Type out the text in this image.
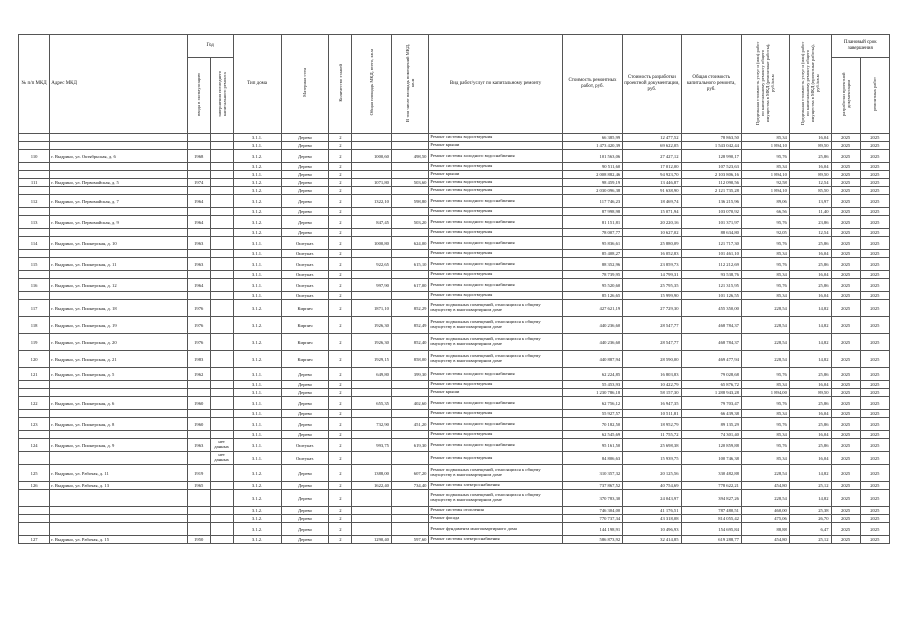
№ п/п МКД	Адрес МКД	Год		Тип дома	Материал стен	Количество этажей	Общая площадь МКД, всего, кв.м	В том числе площадь помещений МКД, кв.м	Вид работ/услуг по капитальному ремонту	Стоимость ремонтных работ, руб.	Стоимость разработки проектной документации, руб.	Общая стоимость капитального ремонта, руб.	Предельная стоимость услуг и (или) работ по капитальному ремонту общего имущества в МКД (ремонтные работы), руб./кв.м	Предельная стоимость услуг и (или) работ по капитальному ремонту общего имущества в МКД (проектные работы), руб./кв.м	Плановый срок завершения	
		ввода в эксплуатацию	завершения последнего капитального ремонта												разработки проектной документации	ремонтных работ
				3.1.1.	Дерево	2			Ремонт системы водоотведения	66 385,99	12 477,52	78 863,50	85,34	16,04	2025	2025
				3.1.1.	Дерево	2			Ремонт крыши	1 473 420,39	69 622,05	1 543 042,44	1 894,10	89,50	2025	2025
110	г. Выдрино, ул. Октябрьская, д. 6	1968		3.1.2.	Дерево	2	1000,60	498,50	Ремонт системы холодного водоснабжения	101 563,06	27 427,12	128 990,17	95,76	25,86	2025	2025
				3.1.2.	Дерево	2			Ремонт системы водоотведения	90 511,60	17 012,00	107 523,63	85,34	16,04	2025	2025
				3.1.1.	Дерево	2			Ремонт крыши	2 008 882,46	94 923,70	2 103 806,16	1 894,10	89,50	2025	2025
111	г. Выдрино, ул. Первомайская, д. 5	1974		3.1.2.	Дерево	2	1071,80	503,60	Ремонт системы водоотведения	98 459,19	13 446,87	112 090,56	92,58	12,54	2025	2025
				3.1.2.	Дерево	2			Ремонт системы водоотведения	2 030 096,38	91 638,90	2 121 735,28	1 894,10	85,50	2025	2025
112	г. Выдрино, ул. Первомайская, д. 7	1964		3.1.2.	Дерево	2	1322,10	598,80	Ремонт системы холодного водоснабжения	117 746,23	18 469,74	136 215,96	89,06	13,97	2025	2025
				3.1.2.	Дерево	2			Ремонт системы водоотведения	87 998,98	15 071,94	103 070,92	66,56	11,40	2025	2025
113	г. Выдрино, ул. Первомайская, д. 9	1964		3.1.2.	Дерево	2	847,45	503,20	Ремонт системы холодного водоснабжения	81 151,81	20 220,16	101 371,97	95,76	23,86	2025	2025
				3.1.2.	Дерево	2			Ремонт системы водоотведения	78 007,77	10 627,02	88 634,80	92,05	12,54	2025	2025
114	г. Выдрино, ул. Пионерская, д. 10	1963		3.1.1.	Оштукат.	2	1000,80	624,00	Ремонт системы холодного водоснабжения	95 836,61	25 880,09	121 717,30	95,76	25,86	2025	2025
				3.1.1.	Оштукат.	2			Ремонт системы водоотведения	85 408,27	16 052,83	101 461,10	85,34	16,04	2025	2025
115	г. Выдрино, ул. Пионерская, д. 11	1963		3.1.1.	Оштукат.	2	922,65	615,10	Ремонт системы холодного водоснабжения	88 352,96	23 859,73	112 212,69	95,76	25,86	2025	2025
				3.1.1.	Оштукат.	2			Ремонт системы водоотведения	78 739,95	14 799,31	93 538,76	85,34	16,04	2025	2025
116	г. Выдрино, ул. Пионерская, д. 12	1964		3.1.1.	Оштукат.	2	997,90	617,00	Ремонт системы холодного водоснабжения	95 520,60	25 795,35	121 315,95	95,76	25,86	2025	2025
				3.1.1.	Оштукат.	2			Ремонт системы водоотведения	85 126,65	15 999,90	101 126,55	85,34	16,04	2025	2025
117	г. Выдрино, ул. Пионерская, д. 18	1976		3.1.2.	Кирпич	2	1871,10	852,29	Ремонт подвальных помещений, относящихся к общему имуществу в многоквартирном доме	427 621,19	27 729,30	455 350,00	228,54	14,82	2025	2025
118	г. Выдрино, ул. Пионерская, д. 19	1976		3.1.2.	Кирпич	2	1926,30	852,49	Ремонт подвальных помещений, относящихся к общему имуществу в многоквартирном доме	440 236,60	28 547,77	468 784,37	228,54	14,82	2025	2025
119	г. Выдрино, ул. Пионерская, д. 20	1976		3.1.2.	Кирпич	2	1926,30	852,40	Ремонт подвальных помещений, относящихся к общему имуществу в многоквартирном доме	440 236,60	28 547,77	468 784,37	228,54	14,82	2025	2025
120	г. Выдрино, ул. Пионерская, д. 21	1983		3.1.2.	Кирпич	2	1929,15	858,00	Ремонт подвальных помещений, относящихся к общему имуществу в многоквартирном доме	440 887,94	28 590,00	469 477,94	228,54	14,82	2025	2025
121	г. Выдрино, ул. Пионерская, д. 5	1962		3.1.1.	Дерево	2	649,80	399,30	Ремонт системы холодного водоснабжения	62 224,85	16 803,83	79 028,68	95,76	25,86	2025	2025
				3.1.1.	Дерево	2			Ремонт системы водоотведения	55 453,93	10 422,79	65 876,72	85,34	16,04	2025	2025
				3.1.1.	Дерево	2			Ремонт крыши	1 230 786,18	58 157,30	1 288 943,28	1 894,00	89,50	2025	2025
122	г. Выдрино, ул. Пионерская, д. 6	1960		3.1.1.	Дерево	2	655,35	402,60	Ремонт системы холодного водоснабжения	62 756,12	16 947,35	79 703,47	95,76	25,86	2025	2025
				3.1.1.	Дерево	2			Ремонт системы водоотведения	55 927,57	10 511,81	66 439,38	85,34	16,04	2025	2025
123	г. Выдрино, ул. Пионерская, д. 8	1960		3.1.1.	Дерево	2	732,90	451,20	Ремонт системы холодного водоснабжения	70 182,50	18 952,79	89 135,29	95,76	25,86	2025	2025
				3.1.1.	Дерево	2			Ремонт системы водоотведения	62 545,69	11 755,72	74 301,40	85,34	16,04	2025	2025
124	г. Выдрино, ул. Пионерская, д. 9	1963	нет данных	3.1.1.	Оштукат.	2	993,75	619,30	Ремонт системы холодного водоснабжения	95 161,50	25 698,38	120 859,88	95,76	25,86	2025	2025
			нет данных	3.1.1.	Оштукат.	2			Ремонт системы водоотведения	84 806,63	15 939,75	100 746,38	85,34	16,04	2025	2025
125	г. Выдрино, ул. Рабочая, д. 11	1919		3.1.2.	Дерево	2	1388,00	607,20	Ремонт подвальных помещений, относящихся к общему имуществу в многоквартирном доме	310 357,32	20 125,56	330 482,88	228,54	14,82	2025	2025
126	г. Выдрино, ул. Рабочая, д. 13	1965		3.1.2.	Дерево	2	1622,40	734,40	Ремонт системы электроснабжения	737 867,52	40 754,69	778 622,21	454,80	25,12	2025	2025
				3.1.2.	Дерево	2			Ремонт подвальных помещений, относящихся к общему имуществу в многоквартирном доме	370 783,30	24 043,97	394 827,26	228,54	14,82	2025	2025
				3.1.2.	Дерево	2			Ремонт системы отопления	746 304,00	41 176,51	787 480,51	460,00	25,38	2025	2025
				3.1.2.	Дерево	2			Ремонт фасада	770 737,34	43 318,08	814 055,42	475,06	26,70	2025	2025
				3.1.2.	Дерево	2			Ремонт фундамента многоквартирного дома	144 198,91	10 496,93	154 695,84	88,88	6,47	2025	2025
127	г. Выдрино, ул. Рабочая, д. 15	1950		3.1.2.	Дерево	2	1290,40	597,60	Ремонт системы электроснабжения	586 873,92	32 414,85	619 288,77	454,80	25,12	2025	2025
